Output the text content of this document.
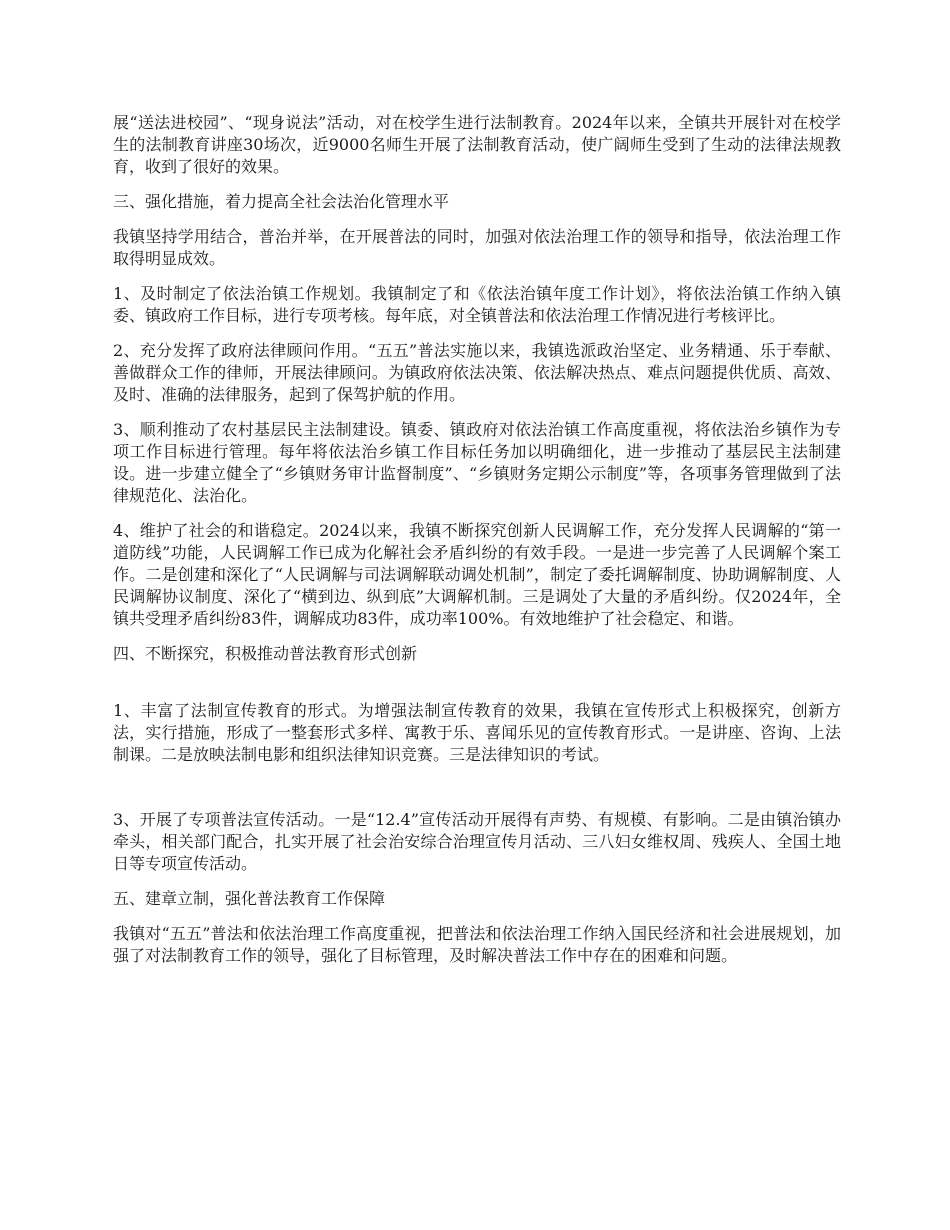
展“送法进校园”、“现身说法”活动，对在校学生进行法制教育。2024年以来，全镇共开展针对在校学生的法制教育讲座30场次，近9000名师生开展了法制教育活动，使广阔师生受到了生动的法律法规教育，收到了很好的效果。

三、强化措施，着力提高全社会法治化管理水平

我镇坚持学用结合，普治并举，在开展普法的同时，加强对依法治理工作的领导和指导，依法治理工作取得明显成效。

1、及时制定了依法治镇工作规划。我镇制定了和《依法治镇年度工作计划》，将依法治镇工作纳入镇委、镇政府工作目标，进行专项考核。每年底，对全镇普法和依法治理工作情况进行考核评比。

2、充分发挥了政府法律顾问作用。“五五”普法实施以来，我镇选派政治坚定、业务精通、乐于奉献、善做群众工作的律师，开展法律顾问。为镇政府依法决策、依法解决热点、难点问题提供优质、高效、及时、准确的法律服务，起到了保驾护航的作用。

3、顺利推动了农村基层民主法制建设。镇委、镇政府对依法治镇工作高度重视，将依法治乡镇作为专项工作目标进行管理。每年将依法治乡镇工作目标任务加以明确细化，进一步推动了基层民主法制建设。进一步建立健全了“乡镇财务审计监督制度”、“乡镇财务定期公示制度”等，各项事务管理做到了法律规范化、法治化。

4、维护了社会的和谐稳定。2024以来，我镇不断探究创新人民调解工作，充分发挥人民调解的“第一道防线”功能，人民调解工作已成为化解社会矛盾纠纷的有效手段。一是进一步完善了人民调解个案工作。二是创建和深化了“人民调解与司法调解联动调处机制”，制定了委托调解制度、协助调解制度、人民调解协议制度、深化了“横到边、纵到底”大调解机制。三是调处了大量的矛盾纠纷。仅2024年，全镇共受理矛盾纠纷83件，调解成功83件，成功率100%。有效地维护了社会稳定、和谐。

四、不断探究，积极推动普法教育形式创新

1、丰富了法制宣传教育的形式。为增强法制宣传教育的效果，我镇在宣传形式上积极探究，创新方法，实行措施，形成了一整套形式多样、寓教于乐、喜闻乐见的宣传教育形式。一是讲座、咨询、上法制课。二是放映法制电影和组织法律知识竞赛。三是法律知识的考试。

3、开展了专项普法宣传活动。一是“12.4”宣传活动开展得有声势、有规模、有影响。二是由镇治镇办牵头，相关部门配合，扎实开展了社会治安综合治理宣传月活动、三八妇女维权周、残疾人、全国土地日等专项宣传活动。

五、建章立制，强化普法教育工作保障

我镇对“五五”普法和依法治理工作高度重视，把普法和依法治理工作纳入国民经济和社会进展规划，加强了对法制教育工作的领导，强化了目标管理，及时解决普法工作中存在的困难和问题。
